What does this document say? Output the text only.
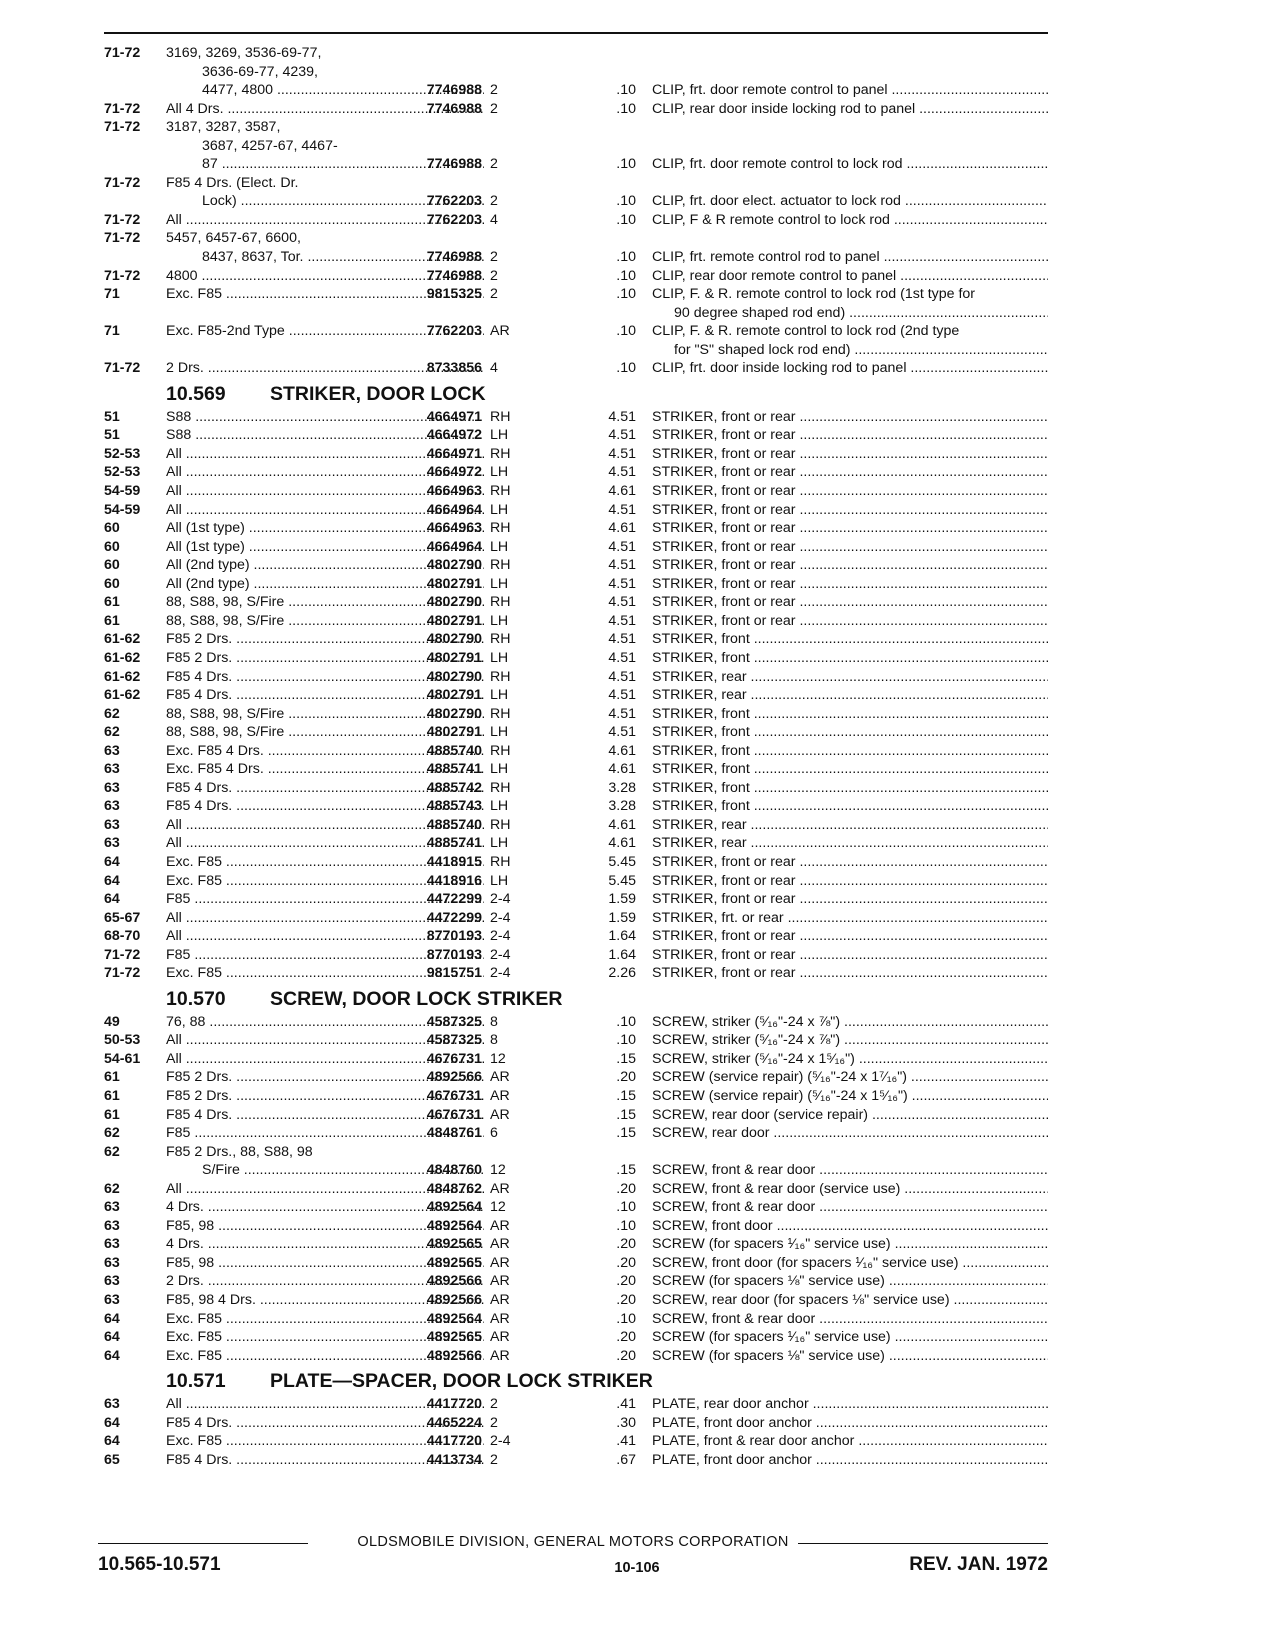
71-72	3169, 3269, 3536-69-77,
3636-69-77, 4239,
4477, 4800 .....	7746988 2	.10 CLIP, frt. door remote control to panel .....
71-72	All 4 Drs. .....	7746988 2	.10 CLIP, rear door inside locking rod to panel .....
71-72	3187, 3287, 3587,
3687, 4257-67, 4467-
87 .....	7746988 2	.10 CLIP, frt. door remote control to lock rod .....
71-72	F85 4 Drs. (Elect. Dr.
Lock) .....	7762203 2	.10 CLIP, frt. door elect. actuator to lock rod .....
71-72	All .....	7762203 4	.10 CLIP, F & R remote control to lock rod .....
71-72	5457, 6457-67, 6600,
8437, 8637, Tor. .....	7746988 2	.10 CLIP, frt. remote control rod to panel .....
71-72	4800 .....	7746988 2	.10 CLIP, rear door remote control to panel .....
71	Exc. F85 .....	9815325 2	.10 CLIP, F. & R. remote control to lock rod (1st type for
90 degree shaped rod end) .....
71	Exc. F85-2nd Type .....	7762203 AR	.10 CLIP, F. & R. remote control to lock rod (2nd type
for "S" shaped lock rod end) .....
71-72	2 Drs. .....	8733856 4	.10 CLIP, frt. door inside locking rod to panel .....
10.569 STRIKER, DOOR LOCK
51	S88 .....	4664971 RH	4.51 STRIKER, front or rear .....
51	S88 .....	4664972 LH	4.51 STRIKER, front or rear .....
52-53	All .....	4664971 RH	4.51 STRIKER, front or rear .....
52-53	All .....	4664972 LH	4.51 STRIKER, front or rear .....
54-59	All .....	4664963 RH	4.61 STRIKER, front or rear .....
54-59	All .....	4664964 LH	4.51 STRIKER, front or rear .....
60	All (1st type) .....	4664963 RH	4.61 STRIKER, front or rear .....
60	All (1st type) .....	4664964 LH	4.51 STRIKER, front or rear .....
60	All (2nd type) .....	4802790 RH	4.51 STRIKER, front or rear .....
60	All (2nd type) .....	4802791 LH	4.51 STRIKER, front or rear .....
61	88, S88, 98, S/Fire .....	4802790 RH	4.51 STRIKER, front or rear .....
61	88, S88, 98, S/Fire .....	4802791 LH	4.51 STRIKER, front or rear .....
61-62	F85 2 Drs. .....	4802790 RH	4.51 STRIKER, front .....
61-62	F85 2 Drs. .....	4802791 LH	4.51 STRIKER, front .....
61-62	F85 4 Drs. .....	4802790 RH	4.51 STRIKER, rear .....
61-62	F85 4 Drs. .....	4802791 LH	4.51 STRIKER, rear .....
62	88, S88, 98, S/Fire .....	4802790 RH	4.51 STRIKER, front .....
62	88, S88, 98, S/Fire .....	4802791 LH	4.51 STRIKER, front .....
63	Exc. F85 4 Drs. .....	4885740 RH	4.61 STRIKER, front .....
63	Exc. F85 4 Drs. .....	4885741 LH	4.61 STRIKER, front .....
63	F85 4 Drs. .....	4885742 RH	3.28 STRIKER, front .....
63	F85 4 Drs. .....	4885743 LH	3.28 STRIKER, front .....
63	All .....	4885740 RH	4.61 STRIKER, rear .....
63	All .....	4885741 LH	4.61 STRIKER, rear .....
64	Exc. F85 .....	4418915 RH	5.45 STRIKER, front or rear .....
64	Exc. F85 .....	4418916 LH	5.45 STRIKER, front or rear .....
64	F85 .....	4472299 2-4	1.59 STRIKER, front or rear .....
65-67	All .....	4472299 2-4	1.59 STRIKER, frt. or rear .....
68-70	All .....	8770193 2-4	1.64 STRIKER, front or rear .....
71-72	F85 .....	8770193 2-4	1.64 STRIKER, front or rear .....
71-72	Exc. F85 .....	9815751 2-4	2.26 STRIKER, front or rear .....
10.570 SCREW, DOOR LOCK STRIKER
49	76, 88 .....	4587325 8	.10 SCREW, striker (⁵⁄₁₆"-24 x ⅞") .....
50-53	All .....	4587325 8	.10 SCREW, striker (⁵⁄₁₆"-24 x ⅞") .....
54-61	All .....	4676731 12	.15 SCREW, striker (⁵⁄₁₆"-24 x 1⁵⁄₁₆") .....
61	F85 2 Drs. .....	4892566 AR	.20 SCREW (service repair) (⁵⁄₁₆"-24 x 1⁷⁄₁₆") .....
61	F85 2 Drs. .....	4676731 AR	.15 SCREW (service repair) (⁵⁄₁₆"-24 x 1⁵⁄₁₆") .....
61	F85 4 Drs. .....	4676731 AR	.15 SCREW, rear door (service repair) .....
62	F85 .....	4848761 6	.15 SCREW, rear door .....
62	F85 2 Drs., 88, S88, 98
S/Fire .....	4848760 12	.15 SCREW, front & rear door .....
62	All .....	4848762 AR	.20 SCREW, front & rear door (service use) .....
63	4 Drs. .....	4892564 12	.10 SCREW, front & rear door .....
63	F85, 98 .....	4892564 AR	.10 SCREW, front door .....
63	4 Drs. .....	4892565 AR	.20 SCREW (for spacers ¹⁄₁₆" service use) .....
63	F85, 98 .....	4892565 AR	.20 SCREW, front door (for spacers ¹⁄₁₆" service use) .....
63	2 Drs. .....	4892566 AR	.20 SCREW (for spacers ⅛" service use) .....
63	F85, 98 4 Drs. .....	4892566 AR	.20 SCREW, rear door (for spacers ⅛" service use) .....
64	Exc. F85 .....	4892564 AR	.10 SCREW, front & rear door .....
64	Exc. F85 .....	4892565 AR	.20 SCREW (for spacers ¹⁄₁₆" service use) .....
64	Exc. F85 .....	4892566 AR	.20 SCREW (for spacers ⅛" service use) .....
10.571 PLATE—SPACER, DOOR LOCK STRIKER
63	All .....	4417720 2	.41 PLATE, rear door anchor .....
64	F85 4 Drs. .....	4465224 2	.30 PLATE, front door anchor .....
64	Exc. F85 .....	4417720 2-4	.41 PLATE, front & rear door anchor .....
65	F85 4 Drs. .....	4413734 2	.67 PLATE, front door anchor .....
OLDSMOBILE DIVISION, GENERAL MOTORS CORPORATION
10.565-10.571	10-106	REV. JAN. 1972
